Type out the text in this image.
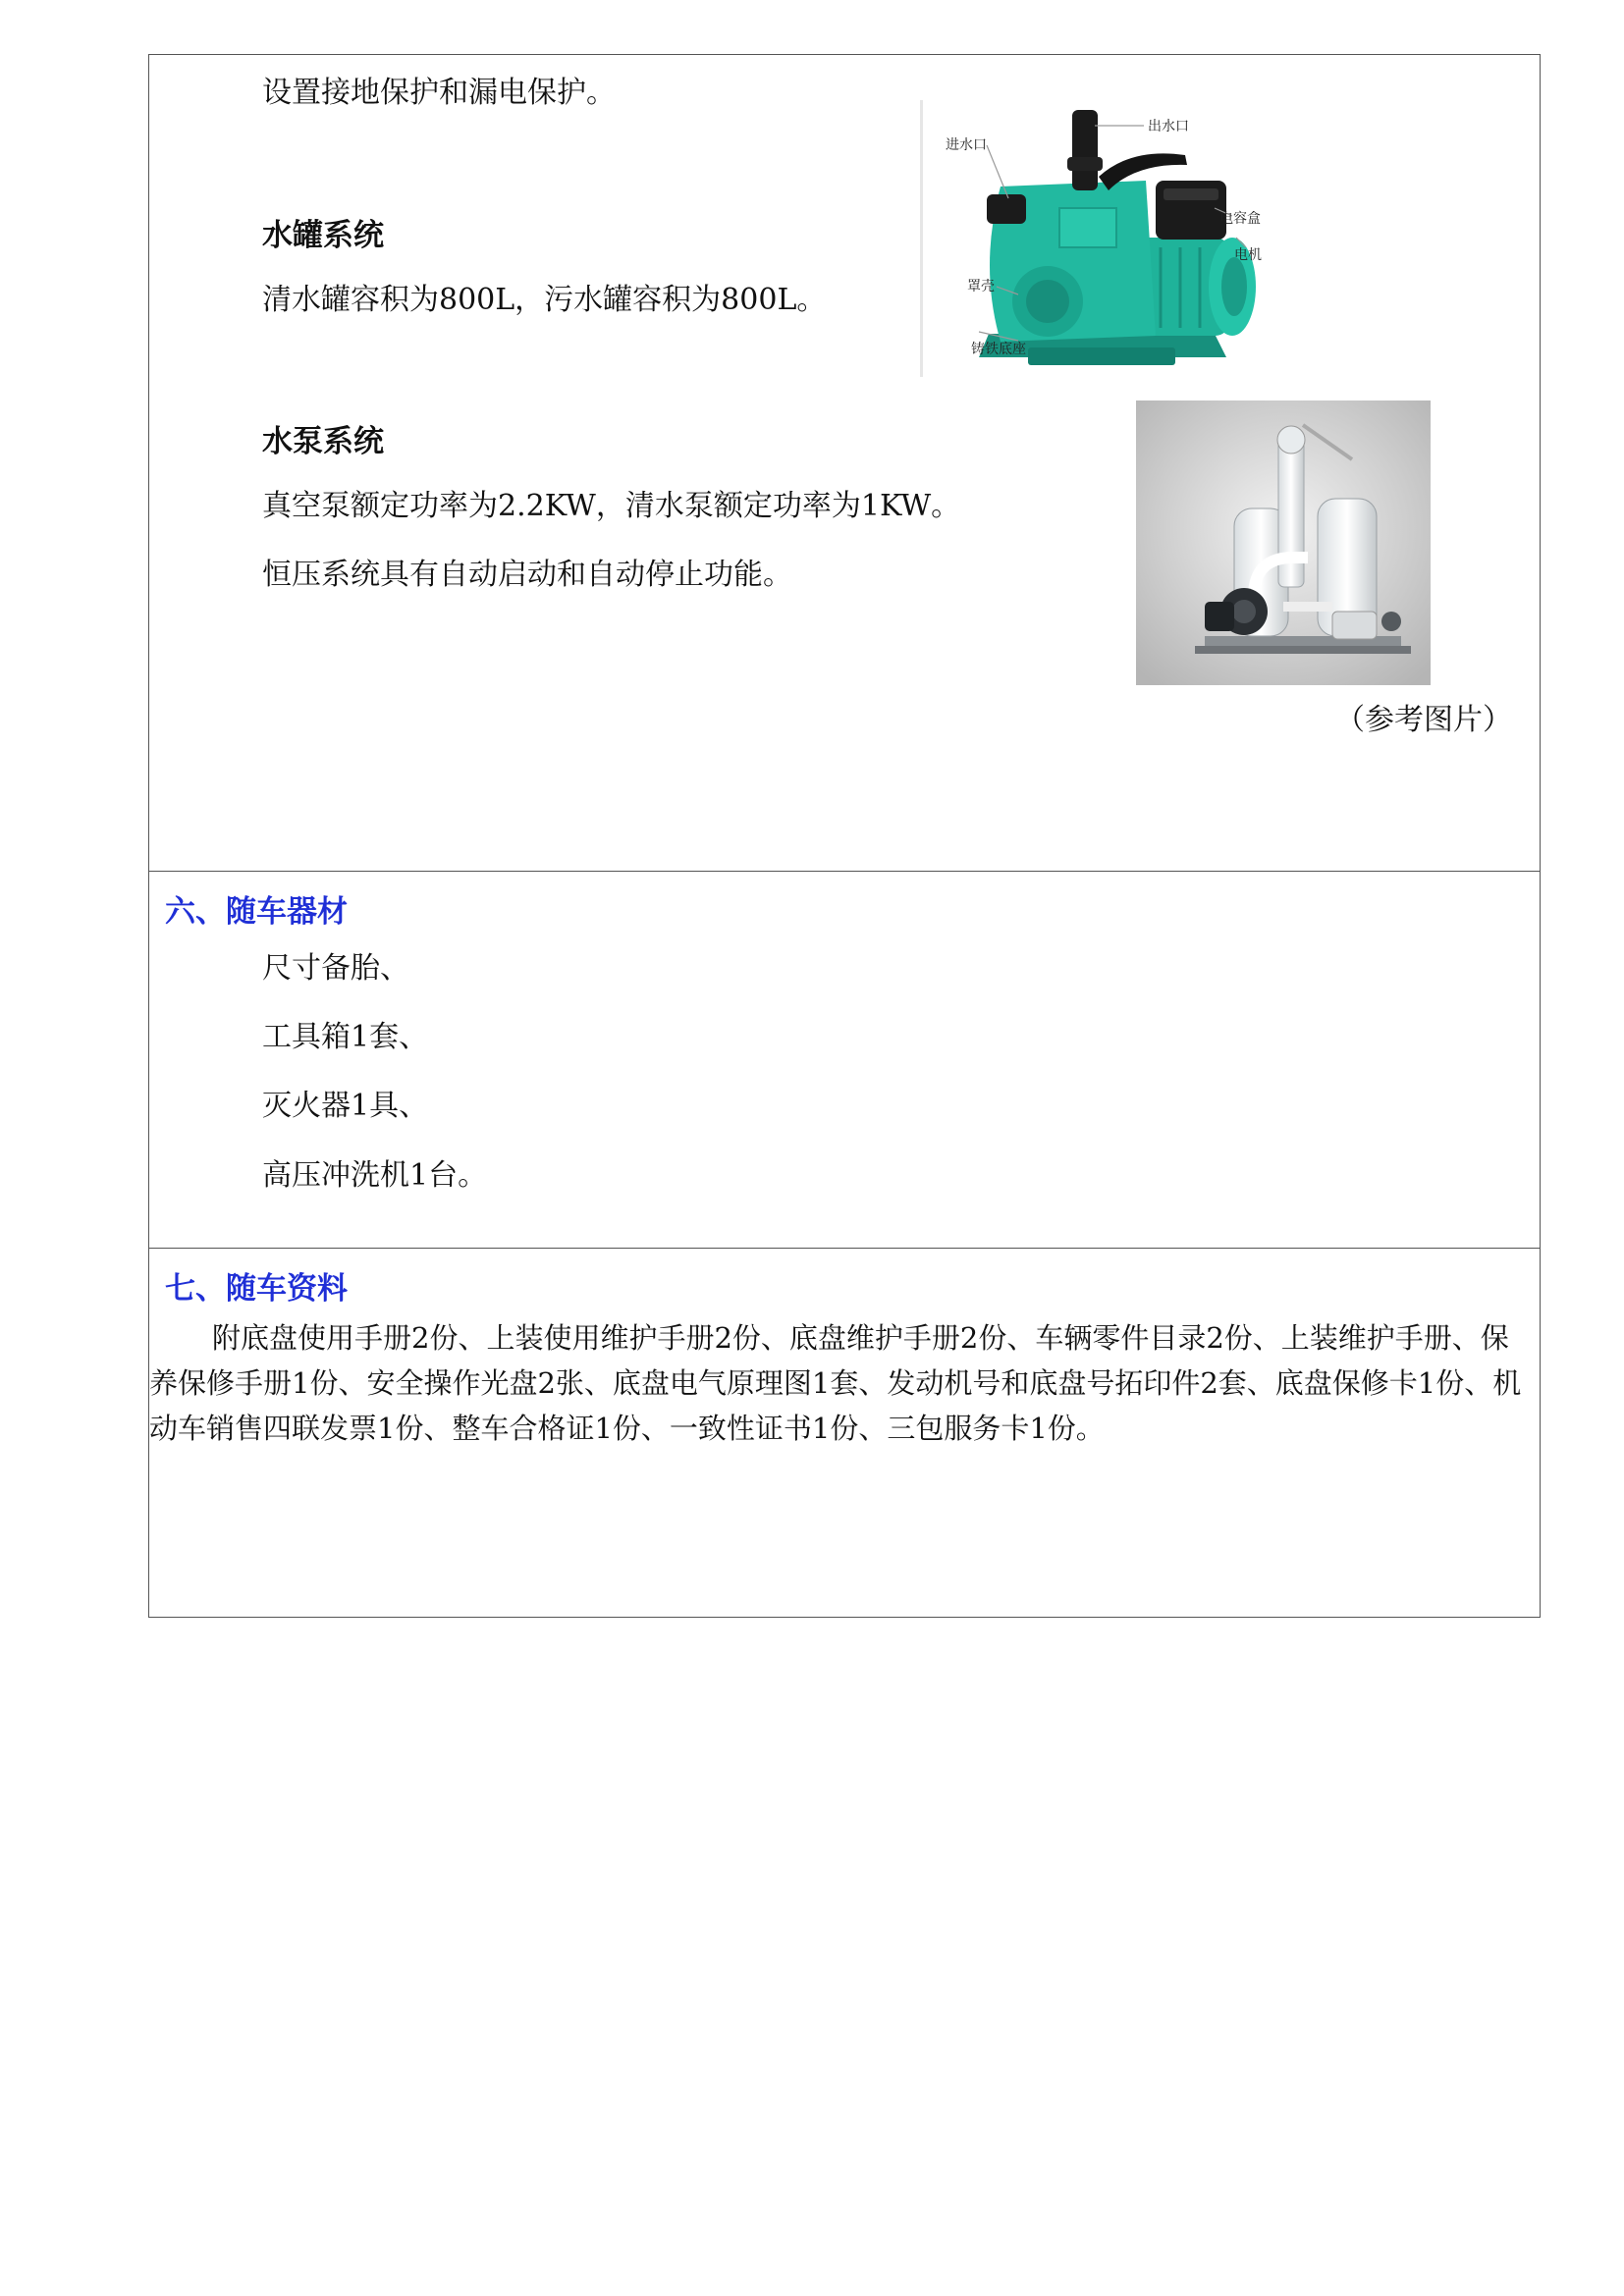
设置接地保护和漏电保护。
水罐系统
清水罐容积为800L，污水罐容积为800L。
水泵系统
真空泵额定功率为2.2KW，清水泵额定功率为1KW。
恒压系统具有自动启动和自动停止功能。
出水口
进水口
电容盒
电机
罩壳
铸铁底座
（参考图片）
六、随车器材
尺寸备胎、
工具箱1套、
灭火器1具、
高压冲洗机1台。
七、随车资料
附底盘使用手册2份、上装使用维护手册2份、底盘维护手册2份、车辆零件目录2份、上装维护手册、保养保修手册1份、安全操作光盘2张、底盘电气原理图1套、发动机号和底盘号拓印件2套、底盘保修卡1份、机动车销售四联发票1份、整车合格证1份、一致性证书1份、三包服务卡1份。
